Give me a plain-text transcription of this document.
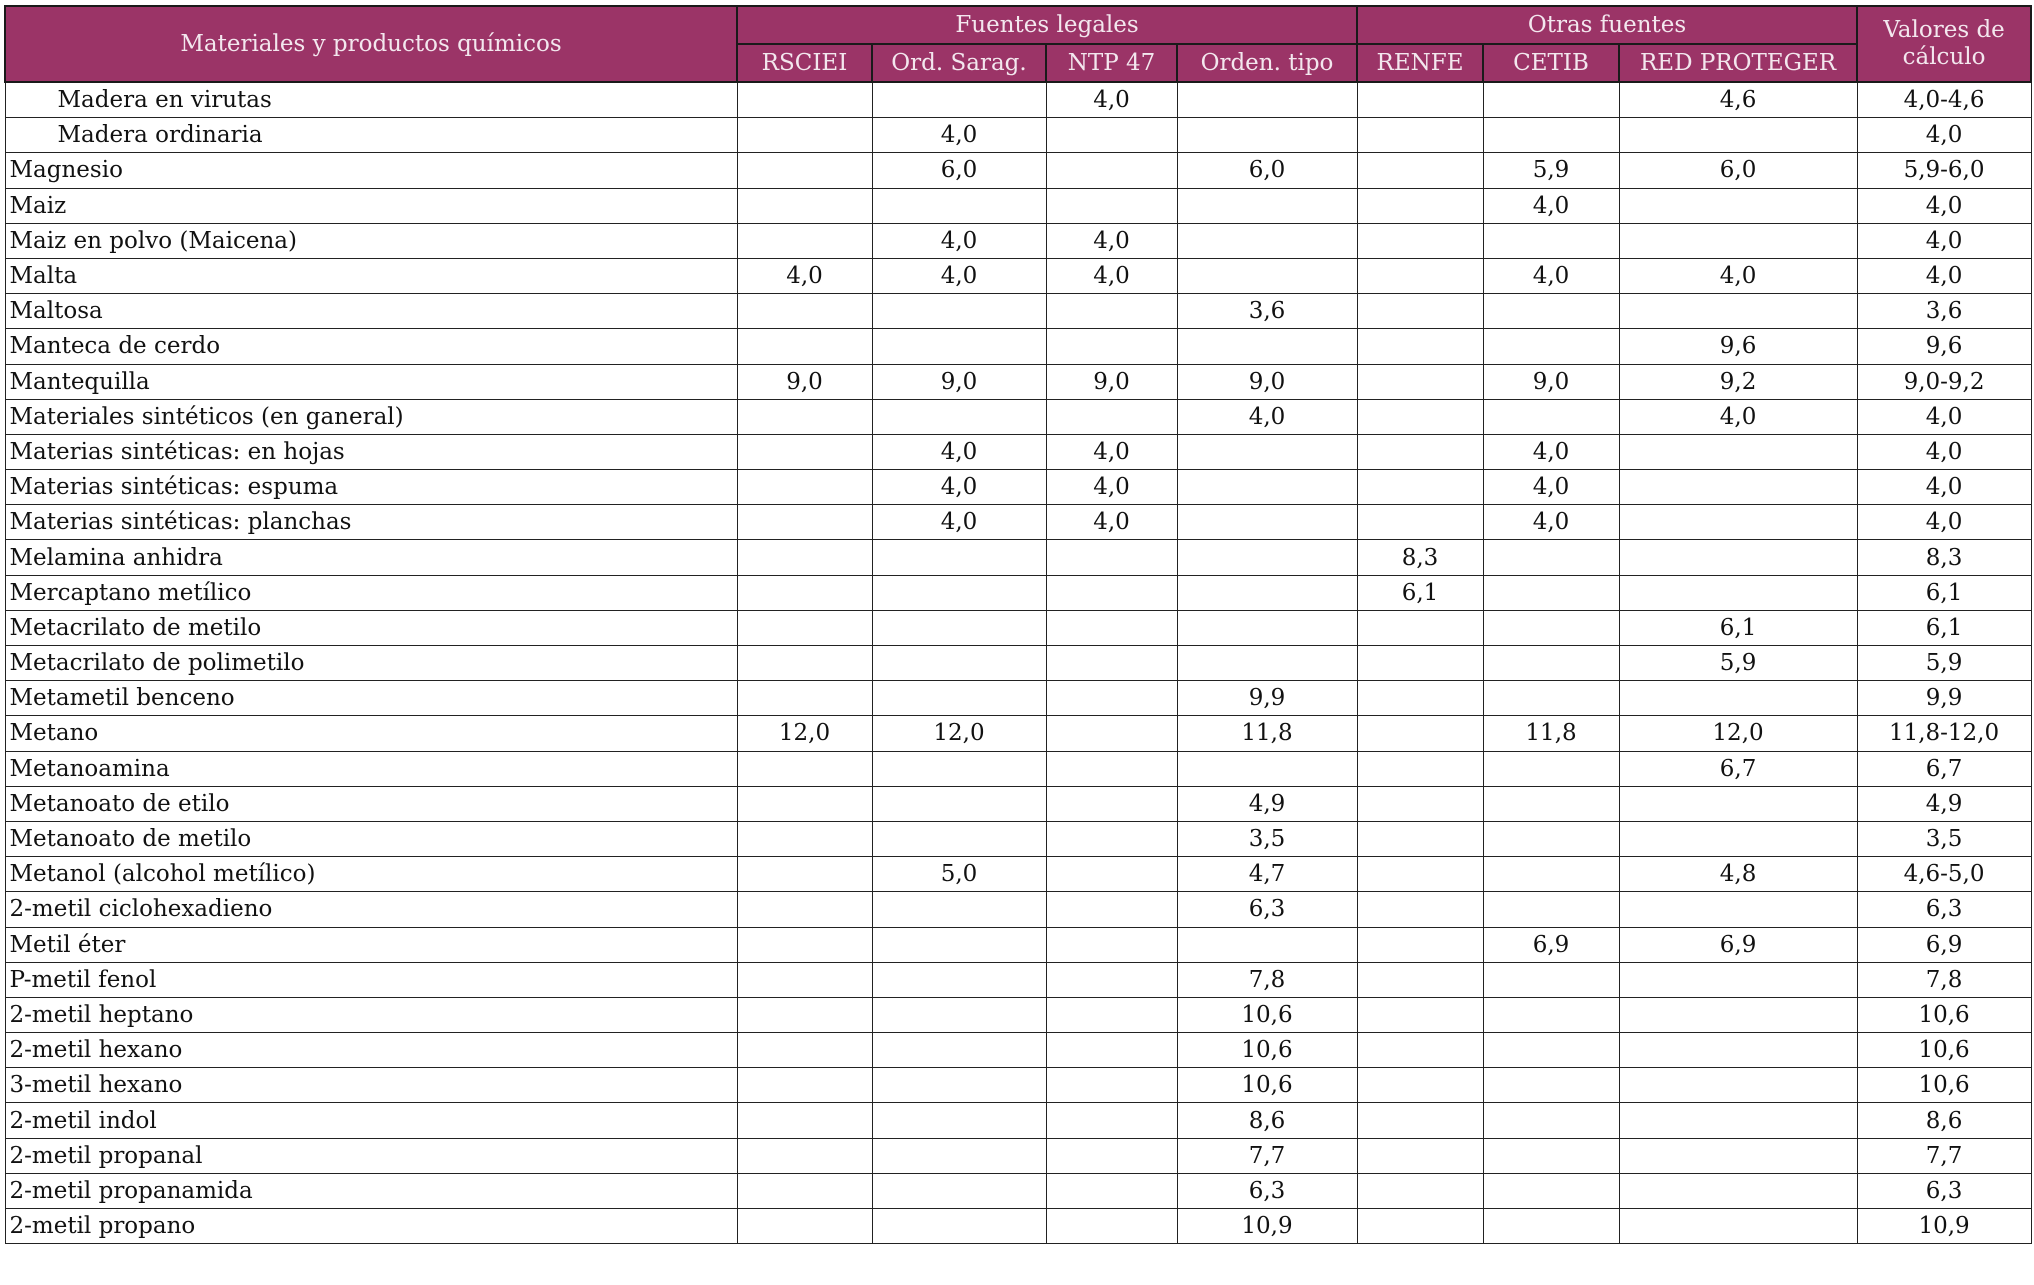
Materiales y productos químicos	Fuentes legales				Otras fuentes			Valores de cálculo
	RSCIEI	Ord. Sarag.	NTP 47	Orden. tipo	RENFE	CETIB	RED PROTEGER	
Madera en virutas			4,0				4,6	4,0-4,6
Madera ordinaria		4,0						4,0
Magnesio		6,0		6,0		5,9	6,0	5,9-6,0
Maiz						4,0		4,0
Maiz en polvo (Maicena)		4,0	4,0					4,0
Malta	4,0	4,0	4,0			4,0	4,0	4,0
Maltosa				3,6				3,6
Manteca de cerdo							9,6	9,6
Mantequilla	9,0	9,0	9,0	9,0		9,0	9,2	9,0-9,2
Materiales sintéticos (en ganeral)				4,0			4,0	4,0
Materias sintéticas: en hojas		4,0	4,0			4,0		4,0
Materias sintéticas: espuma		4,0	4,0			4,0		4,0
Materias sintéticas: planchas		4,0	4,0			4,0		4,0
Melamina anhidra					8,3			8,3
Mercaptano metílico					6,1			6,1
Metacrilato de metilo							6,1	6,1
Metacrilato de polimetilo							5,9	5,9
Metametil benceno				9,9				9,9
Metano	12,0	12,0		11,8		11,8	12,0	11,8-12,0
Metanoamina							6,7	6,7
Metanoato de etilo				4,9				4,9
Metanoato de metilo				3,5				3,5
Metanol (alcohol metílico)		5,0		4,7			4,8	4,6-5,0
2-metil ciclohexadieno				6,3				6,3
Metil éter						6,9	6,9	6,9
P-metil fenol				7,8				7,8
2-metil heptano				10,6				10,6
2-metil hexano				10,6				10,6
3-metil hexano				10,6				10,6
2-metil indol				8,6				8,6
2-metil propanal				7,7				7,7
2-metil propanamida				6,3				6,3
2-metil propano				10,9				10,9
